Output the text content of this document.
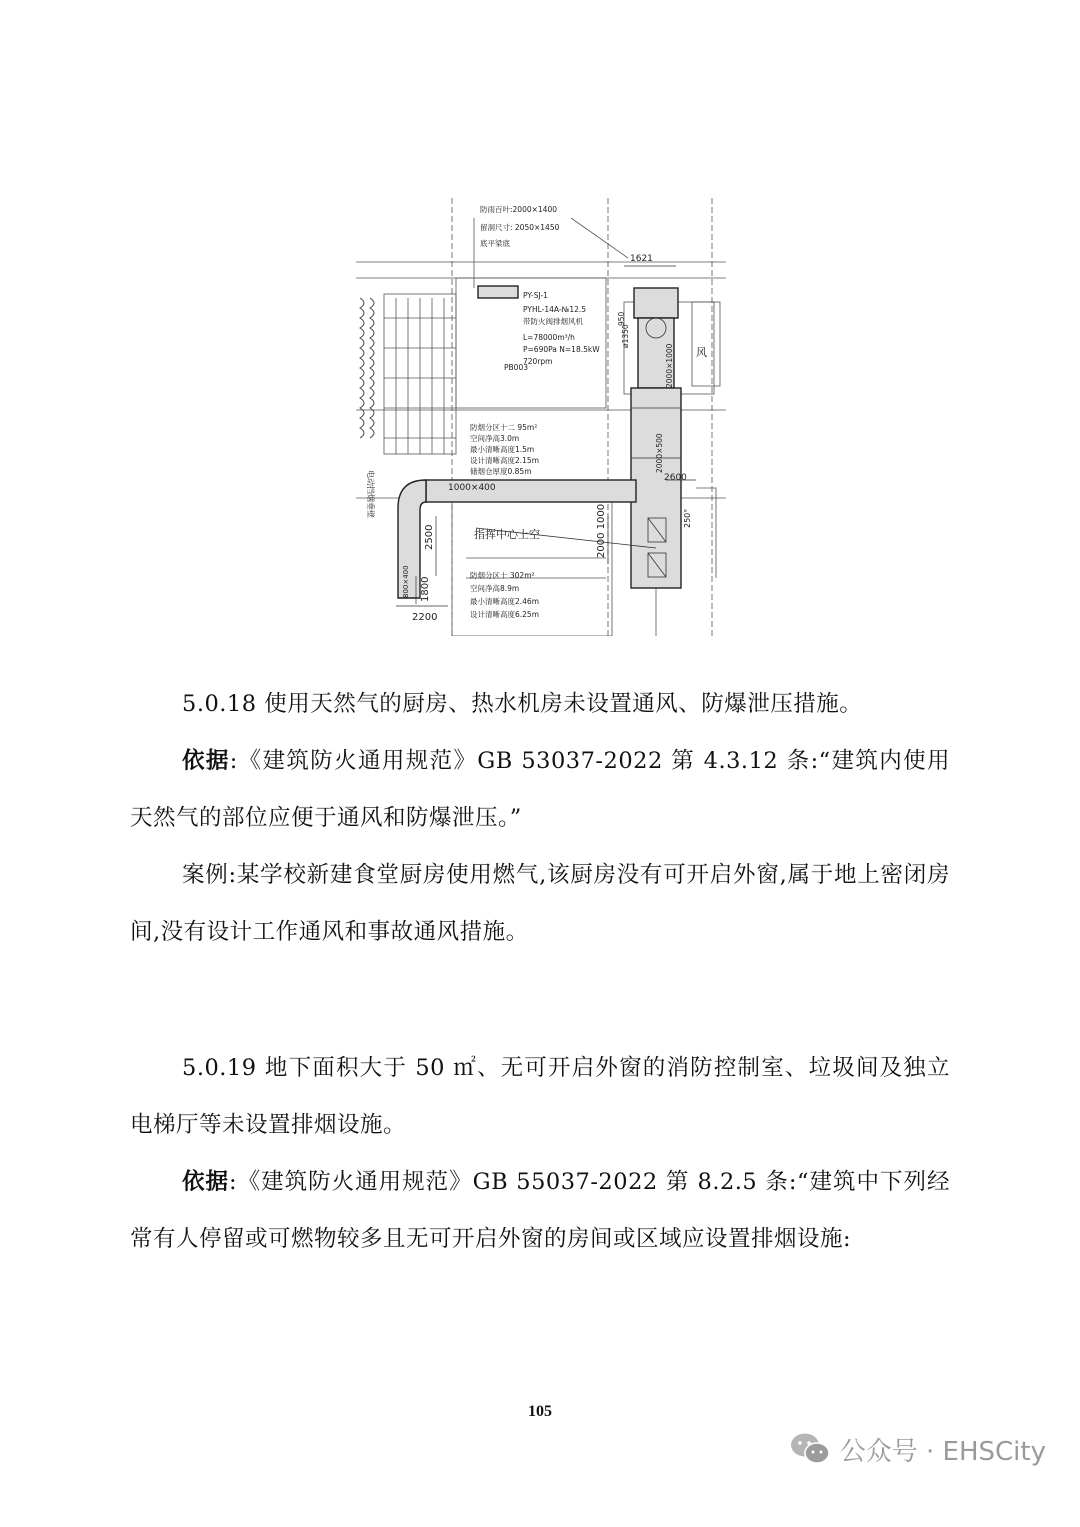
防雨百叶:2000×1400
留洞尺寸: 2050×1450
底平梁底
1621
PY-SJ-1
PYHL-14A-№12.5
带防火阀排烟风机
L=78000m³/h
P=690Pa N=18.5kW
720rpm
950
ø1350
2000×1000 风
PB003
防烟分区十二 95m²
空间净高3.0m
最小清晰高度1.5m
设计清晰高度2.15m
储烟仓厚度0.85m	2000×500
2600
1000×400
2000 1000
2500	指挥中心上空
防烟分区十 302m²
空间净高8.9m
最小清晰高度2.46m
设计清晰高度6.25m
1800
2200
电动挡烟垂壁
250°
800×400

5.0.18 使用天然气的厨房、热水机房未设置通风、防爆泄压措施。

依据:《建筑防火通用规范》GB 53037-2022 第 4.3.12 条:“建筑内使用天然气的部位应便于通风和防爆泄压。”

案例:某学校新建食堂厨房使用燃气,该厨房没有可开启外窗,属于地上密闭房间,没有设计工作通风和事故通风措施。

5.0.19 地下面积大于 50 ㎡、无可开启外窗的消防控制室、垃圾间及独立电梯厅等未设置排烟设施。

依据:《建筑防火通用规范》GB 55037-2022 第 8.2.5 条:“建筑中下列经常有人停留或可燃物较多且无可开启外窗的房间或区域应设置排烟设施:

105
公众号 · EHSCity
